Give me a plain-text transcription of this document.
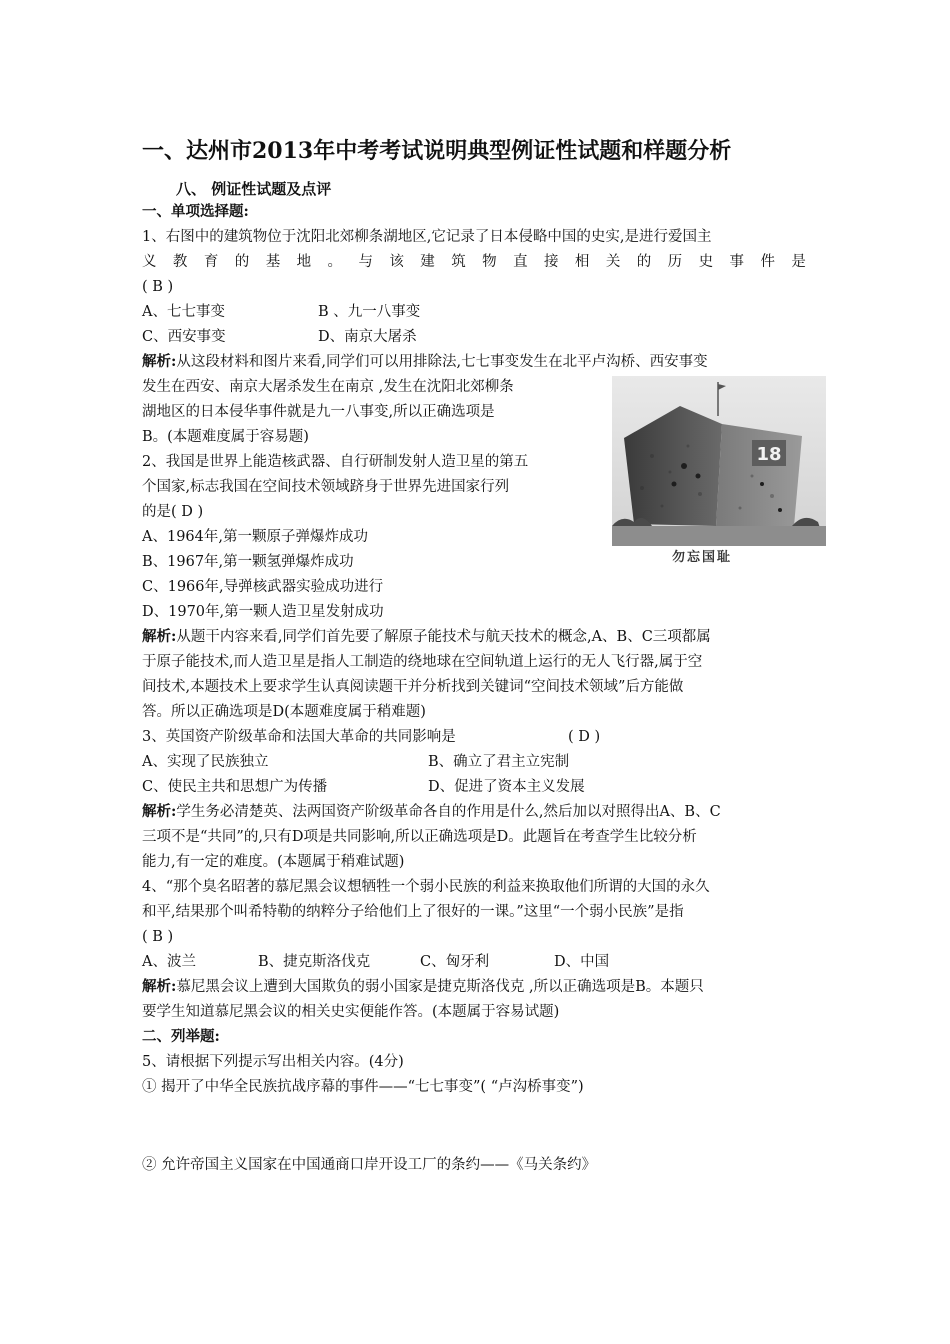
一、达州市2013年中考考试说明典型例证性试题和样题分析
八、 例证性试题及点评
一、单项选择题:
1、右图中的建筑物位于沈阳北郊柳条湖地区,它记录了日本侵略中国的史实,是进行爱国主
义 教 育 的 基 地 。 与 该 建 筑 物 直 接 相 关 的 历 史 事 件 是
( B )
A、七七事变	B 、九一八事变
C、西安事变	D、南京大屠杀
解析:从这段材料和图片来看,同学们可以用排除法,七七事变发生在北平卢沟桥、西安事变
发生在西安、南京大屠杀发生在南京 ,发生在沈阳北郊柳条
湖地区的日本侵华事件就是九一八事变,所以正确选项是
B。(本题难度属于容易题)
18
勿忘国耻
2、我国是世界上能造核武器、自行研制发射人造卫星的第五
个国家,标志我国在空间技术领域跻身于世界先进国家行列
的是( D )
A、1964年,第一颗原子弹爆炸成功
B、1967年,第一颗氢弹爆炸成功
C、1966年,导弹核武器实验成功进行
D、1970年,第一颗人造卫星发射成功
解析:从题干内容来看,同学们首先要了解原子能技术与航天技术的概念,A、B、C三项都属
于原子能技术,而人造卫星是指人工制造的绕地球在空间轨道上运行的无人飞行器,属于空
间技术,本题技术上要求学生认真阅读题干并分析找到关键词“空间技术领域”后方能做
答。所以正确选项是D(本题难度属于稍难题)
3、英国资产阶级革命和法国大革命的共同影响是	( D )
A、实现了民族独立	B、确立了君主立宪制
C、使民主共和思想广为传播	D、促进了资本主义发展
解析:学生务必清楚英、法两国资产阶级革命各自的作用是什么,然后加以对照得出A、B、C
三项不是“共同”的,只有D项是共同影响,所以正确选项是D。此题旨在考查学生比较分析
能力,有一定的难度。(本题属于稍难试题)
4、“那个臭名昭著的慕尼黑会议想牺牲一个弱小民族的利益来换取他们所谓的大国的永久
和平,结果那个叫希特勒的纳粹分子给他们上了很好的一课。”这里“一个弱小民族”是指
( B )
A、波兰	B、捷克斯洛伐克	C、匈牙利	D、中国
解析:慕尼黑会议上遭到大国欺负的弱小国家是捷克斯洛伐克 ,所以正确选项是B。本题只
要学生知道慕尼黑会议的相关史实便能作答。(本题属于容易试题)
二、列举题:
5、请根据下列提示写出相关内容。(4分)
① 揭开了中华全民族抗战序幕的事件——“七七事变”( “卢沟桥事变”)
② 允许帝国主义国家在中国通商口岸开设工厂的条约——《马关条约》
